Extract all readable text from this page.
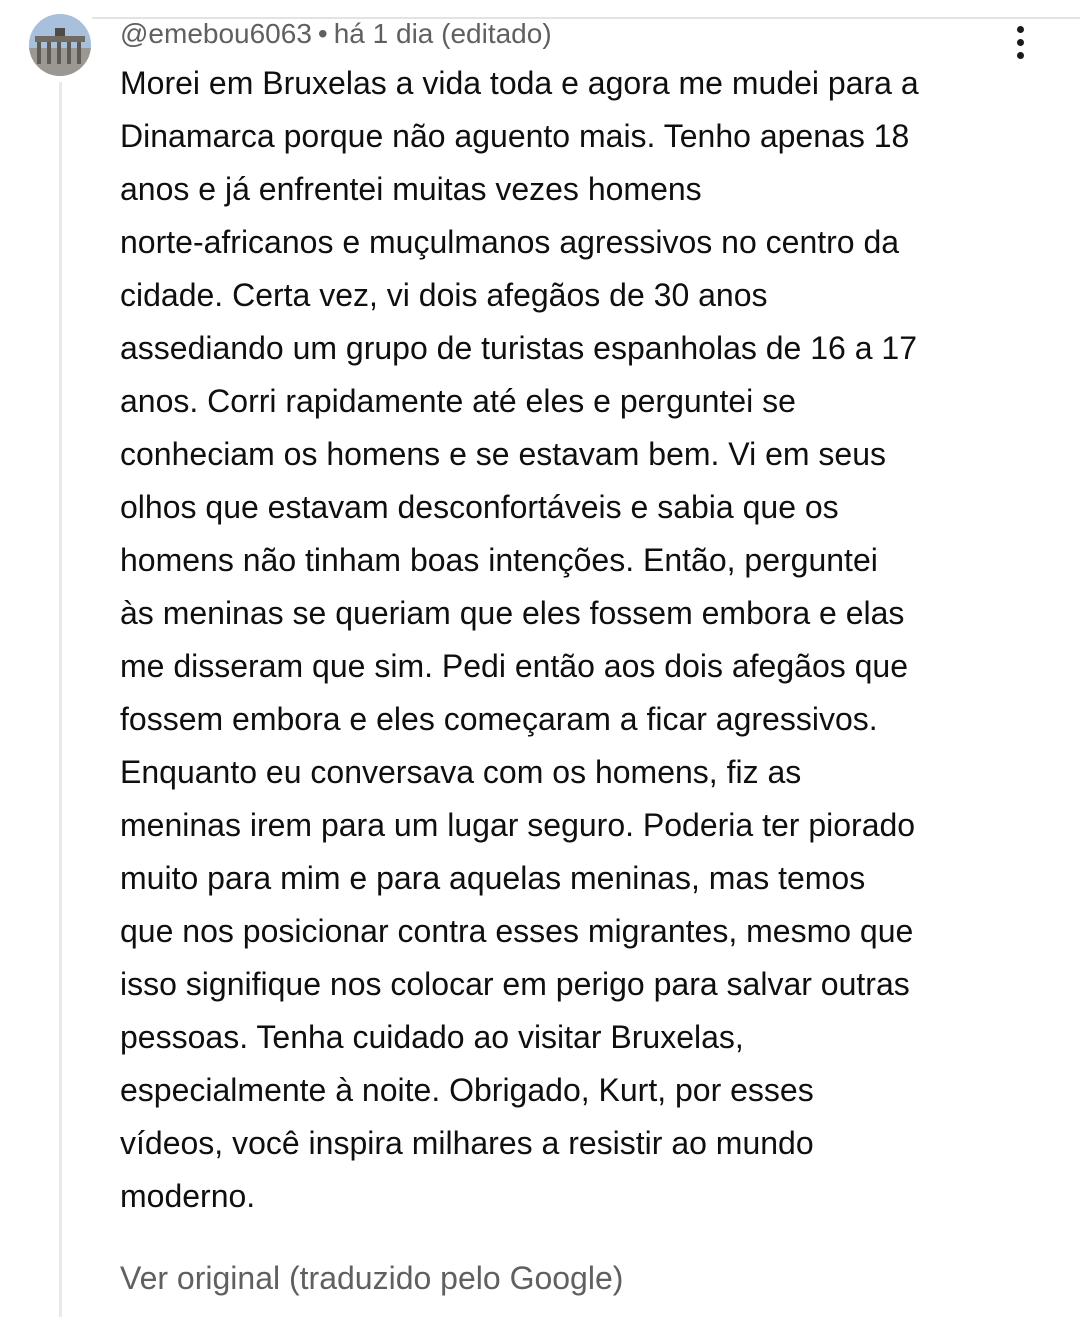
@emebou6063 • há 1 dia (editado)
Morei em Bruxelas a vida toda e agora me mudei para a
Dinamarca porque não aguento mais. Tenho apenas 18
anos e já enfrentei muitas vezes homens
norte-africanos e muçulmanos agressivos no centro da
cidade. Certa vez, vi dois afegãos de 30 anos
assediando um grupo de turistas espanholas de 16 a 17
anos. Corri rapidamente até eles e perguntei se
conheciam os homens e se estavam bem. Vi em seus
olhos que estavam desconfortáveis e sabia que os
homens não tinham boas intenções. Então, perguntei
às meninas se queriam que eles fossem embora e elas
me disseram que sim. Pedi então aos dois afegãos que
fossem embora e eles começaram a ficar agressivos.
Enquanto eu conversava com os homens, fiz as
meninas irem para um lugar seguro. Poderia ter piorado
muito para mim e para aquelas meninas, mas temos
que nos posicionar contra esses migrantes, mesmo que
isso signifique nos colocar em perigo para salvar outras
pessoas. Tenha cuidado ao visitar Bruxelas,
especialmente à noite. Obrigado, Kurt, por esses
vídeos, você inspira milhares a resistir ao mundo
moderno.
Ver original (traduzido pelo Google)
